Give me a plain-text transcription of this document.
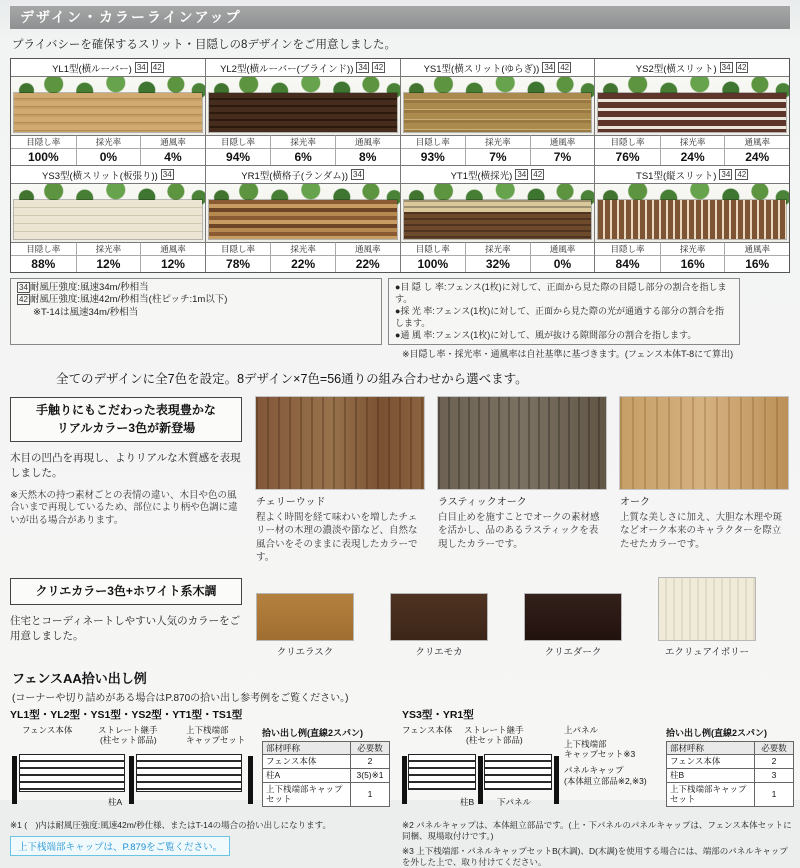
デザイン・カラーラインアップ
プライバシーを確保するスリット・目隠しの8デザインをご用意しました。
YL1型(横ルーバー) 34 42
目隠し率	採光率	通風率
100%	0%	4%
YL2型(横ルーバー(ブラインド)) 34 42
目隠し率	採光率	通風率
94%	6%	8%
YS1型(横スリット(ゆらぎ)) 34 42
目隠し率	採光率	通風率
93%	7%	7%
YS2型(横スリット) 34 42
目隠し率	採光率	通風率
76%	24%	24%
YS3型(横スリット(板張り)) 34
目隠し率	採光率	通風率
88%	12%	12%
YR1型(横格子(ランダム)) 34
目隠し率	採光率	通風率
78%	22%	22%
YT1型(横採光) 34 42
目隠し率	採光率	通風率
100%	32%	0%
TS1型(縦スリット) 34 42
目隠し率	採光率	通風率
84%	16%	16%
34 耐風圧強度:風速34m/秒相当
42 耐風圧強度:風速42m/秒相当(柱ピッチ:1m以下)
※T-14は風速34m/秒相当
●目 隠 し 率:フェンス(1枚)に対して、正面から見た際の目隠し部分の割合を指します。
●採 光 率:フェンス(1枚)に対して、正面から見た際の光が通過する部分の割合を指します。
●通 風 率:フェンス(1枚)に対して、風が抜ける隙間部分の割合を指します。
※目隠し率・採光率・通風率は自社基準に基づきます。(フェンス本体T-8にて算出)
全てのデザインに全7色を設定。8デザイン×7色=56通りの組み合わせから選べます。
手触りにもこだわった表現豊かな
リアルカラー3色が新登場
木目の凹凸を再現し、よりリアルな木質感を表現しました。
※天然木の持つ素材ごとの表情の違い、木目や色の風合いまで再現しているため、部位により柄や色調に違いが出る場合があります。
チェリーウッド
程よく時間を経て味わいを増したチェリー材の木理の濃淡や節など、自然な風合いをそのままに表現したカラーです。
ラスティックオーク
白目止めを施すことでオークの素材感を活かし、品のあるラスティックを表現したカラーです。
オーク
上質な美しさに加え、大胆な木理や斑などオーク本来のキャラクターを際立たせたカラーです。
クリエカラー3色+ホワイト系木調
住宅とコーディネートしやすい人気のカラーをご用意しました。
クリエラスク	クリエモカ	クリエダーク	エクリュアイボリー
フェンスAA拾い出し例
(コーナーや切り詰めがある場合はP.870の拾い出し参考例をご覧ください。)
YL1型・YL2型・YS1型・YS2型・YT1型・TS1型
フェンス本体	ストレート継手
(柱セット部品)
上下桟端部
キャップセット
柱A
拾い出し例(直線2スパン)
部材呼称	必要数
フェンス本体	2
柱A	3(5)※1
上下桟端部キャップセット	1
※1 (　)内は耐風圧強度:風速42m/秒仕様、またはT-14の場合の拾い出しになります。
上下桟端部キャップは、P.879をご覧ください。
YS3型・YR1型
フェンス本体 ストレート継手
(柱セット部品)
上パネル
上下桟端部
キャップセット※3
パネルキャップ
(本体組立部品※2,※3)
柱B	下パネル
拾い出し例(直線2スパン)
部材呼称	必要数
フェンス本体	2
柱B	3
上下桟端部キャップセット	1
※2 パネルキャップは、本体組立部品です。(上・下パネルのパネルキャップは、フェンス本体セットに同梱、現場取付けです。)
※3 上下桟端部・パネルキャップセットB(木調)、D(木調)を使用する場合には、端部のパネルキャップを外した上で、取り付けてください。
